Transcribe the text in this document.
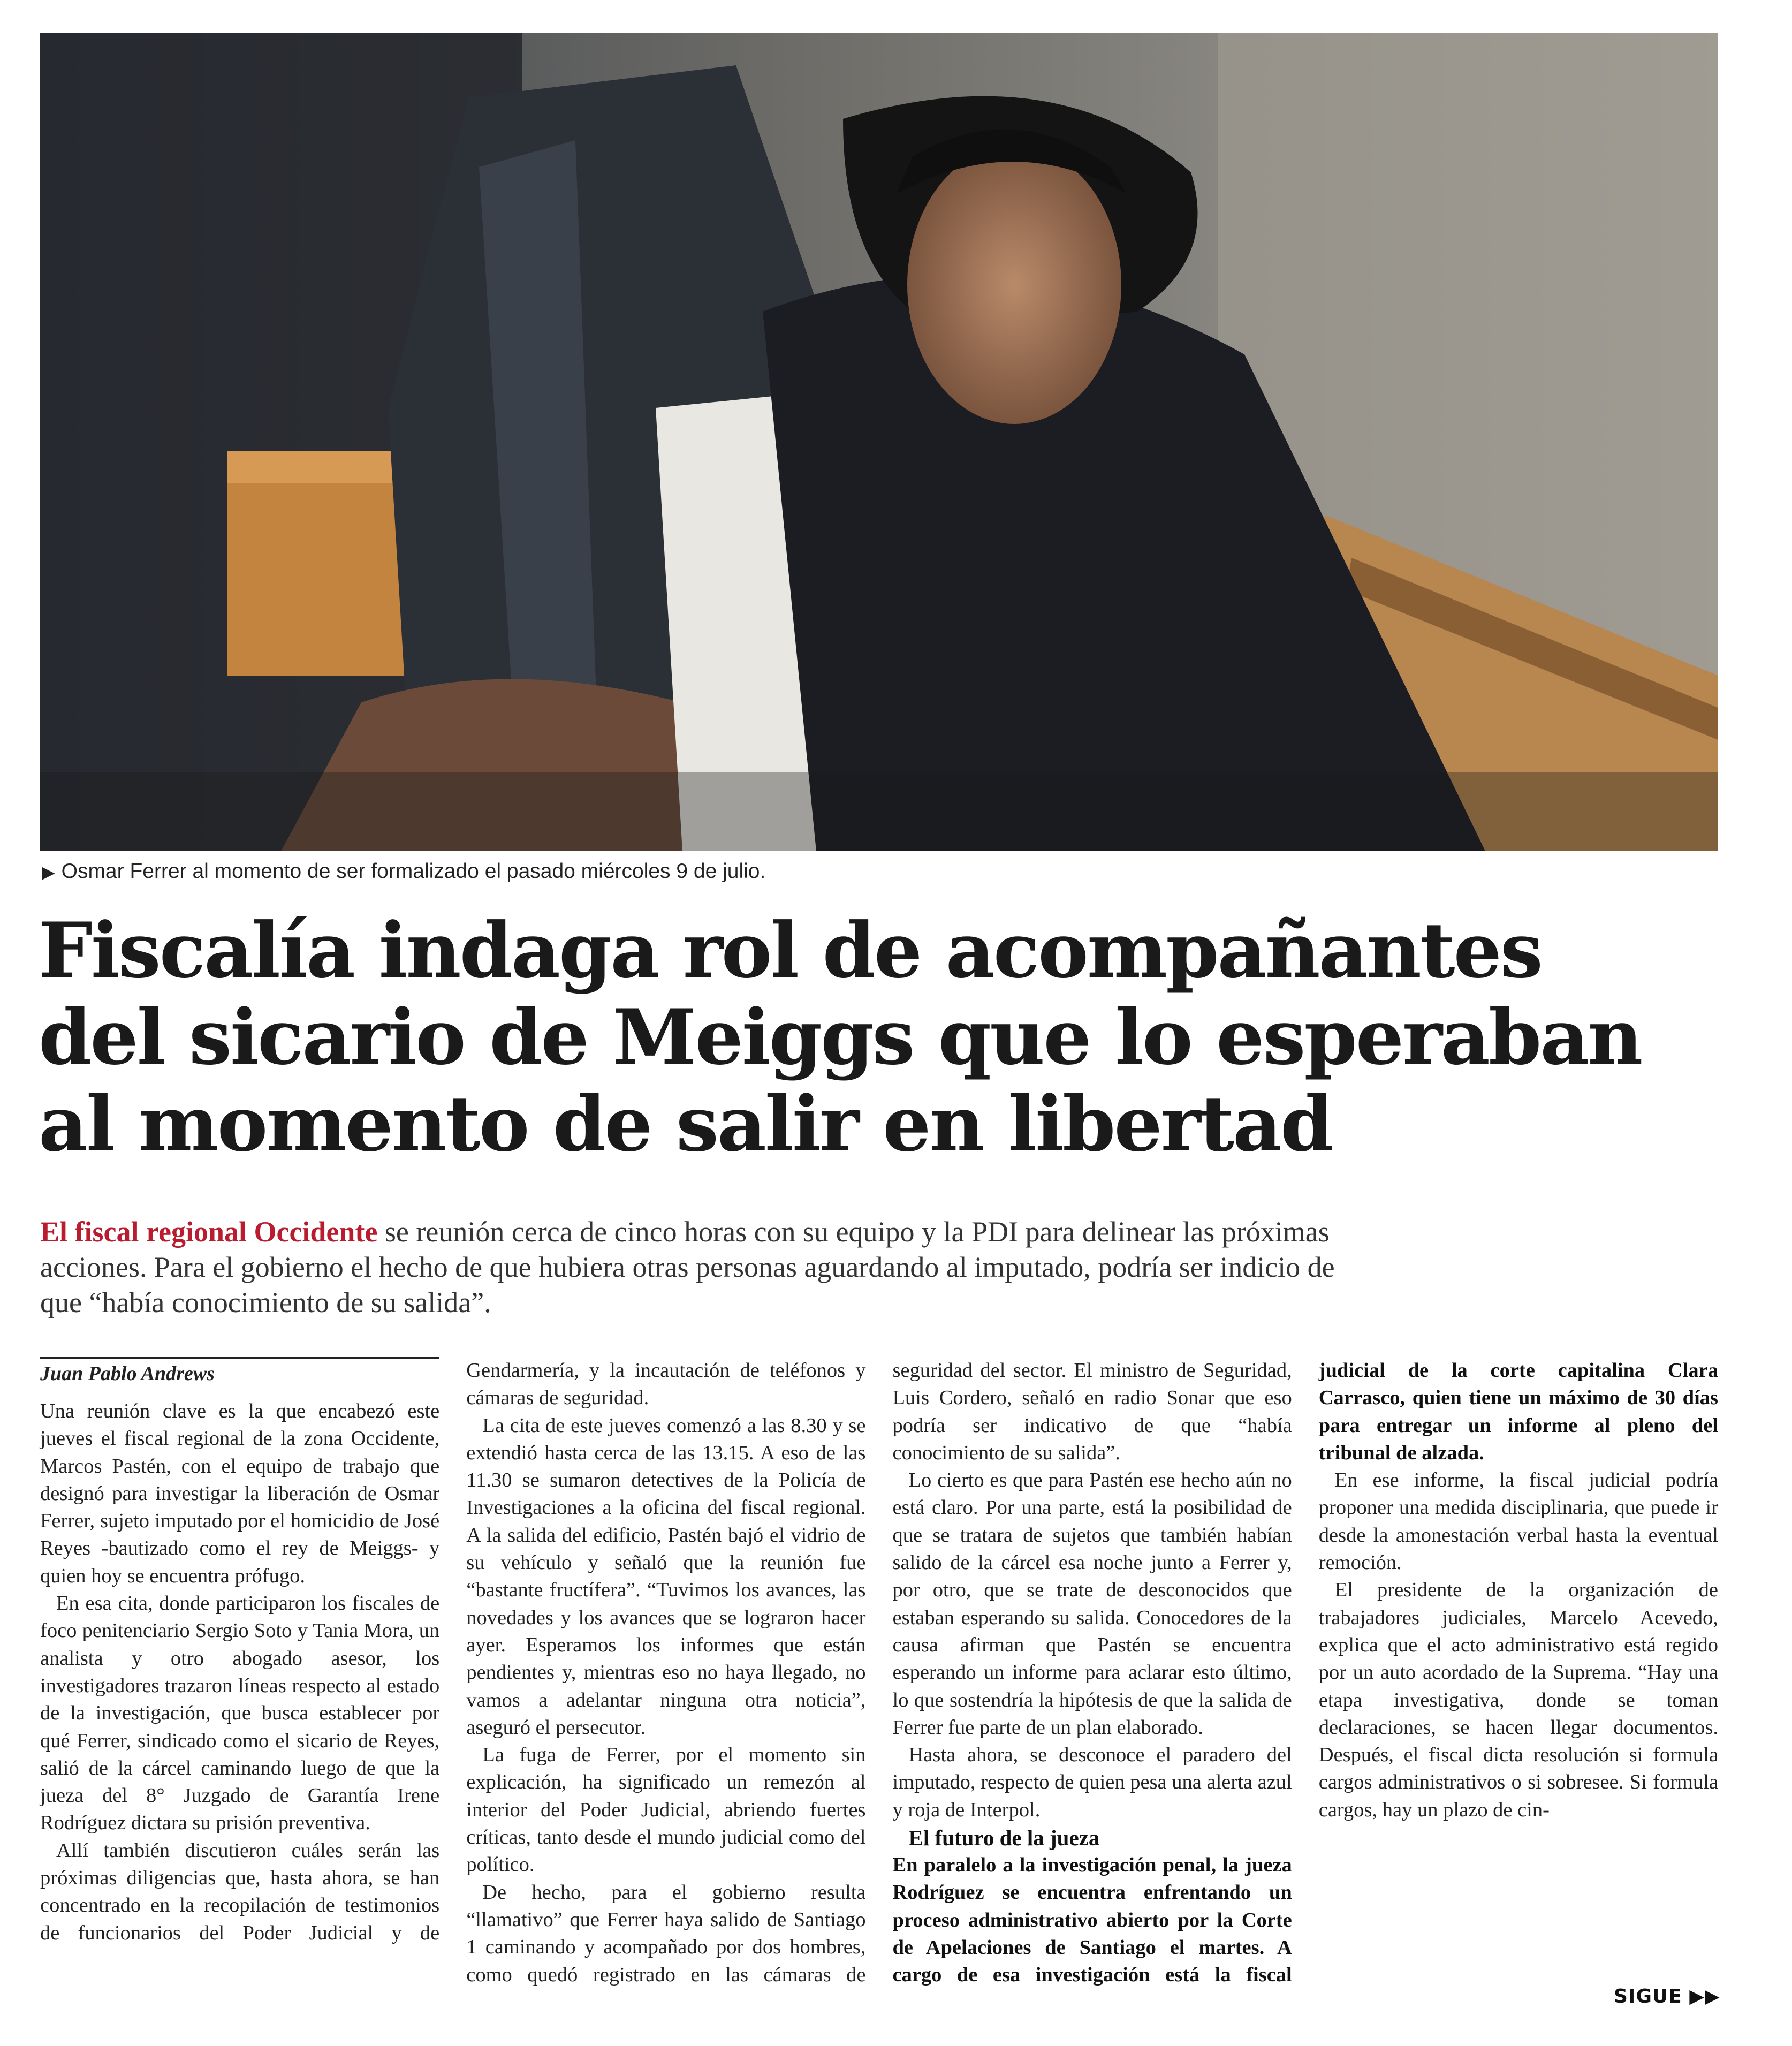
▶ Osmar Ferrer al momento de ser formalizado el pasado miércoles 9 de julio.
Fiscalía indaga rol de acompañantes
del sicario de Meiggs que lo esperaban
al momento de salir en libertad
El fiscal regional Occidente se reunión cerca de cinco horas con su equipo y la PDI para delinear las próximas acciones. Para el gobierno el hecho de que hubiera otras personas aguardando al imputado, podría ser indicio de que “había conocimiento de su salida”.
Juan Pablo Andrews

Una reunión clave es la que encabezó este jueves el fiscal regional de la zona Occidente, Marcos Pastén, con el equipo de trabajo que designó para investigar la liberación de Osmar Ferrer, sujeto imputado por el homicidio de José Reyes -bautizado como el rey de Meiggs- y quien hoy se encuentra prófugo.

En esa cita, donde participaron los fiscales de foco penitenciario Sergio Soto y Tania Mora, un analista y otro abogado asesor, los investigadores trazaron líneas respecto al estado de la investigación, que busca establecer por qué Ferrer, sindicado como el sicario de Reyes, salió de la cárcel caminando luego de que la jueza del 8° Juzgado de Garantía Irene Rodríguez dictara su prisión preventiva.

Allí también discutieron cuáles serán las próximas diligencias que, hasta ahora, se han concentrado en la recopilación de testimonios de funcionarios del Poder Judicial y de Gendarmería, y la incautación de teléfonos y cámaras de seguridad.

La cita de este jueves comenzó a las 8.30 y se extendió hasta cerca de las 13.15. A eso de las 11.30 se sumaron detectives de la Policía de Investigaciones a la oficina del fiscal regional. A la salida del edificio, Pastén bajó el vidrio de su vehículo y señaló que la reunión fue “bastante fructífera”. “Tuvimos los avances, las novedades y los avances que se lograron hacer ayer. Esperamos los informes que están pendientes y, mientras eso no haya llegado, no vamos a adelantar ninguna otra noticia”, aseguró el persecutor.

La fuga de Ferrer, por el momento sin explicación, ha significado un remezón al interior del Poder Judicial, abriendo fuertes críticas, tanto desde el mundo judicial como del político.

De hecho, para el gobierno resulta “llamativo” que Ferrer haya salido de Santiago 1 caminando y acompañado por dos hombres, como quedó registrado en las cámaras de seguridad del sector. El ministro de Seguridad, Luis Cordero, señaló en radio Sonar que eso podría ser indicativo de que “había conocimiento de su salida”.

Lo cierto es que para Pastén ese hecho aún no está claro. Por una parte, está la posibilidad de que se tratara de sujetos que también habían salido de la cárcel esa noche junto a Ferrer y, por otro, que se trate de desconocidos que estaban esperando su salida. Conocedores de la causa afirman que Pastén se encuentra esperando un informe para aclarar esto último, lo que sostendría la hipótesis de que la salida de Ferrer fue parte de un plan elaborado.

Hasta ahora, se desconoce el paradero del imputado, respecto de quien pesa una alerta azul y roja de Interpol.

El futuro de la jueza

En paralelo a la investigación penal, la jueza Rodríguez se encuentra enfrentando un proceso administrativo abierto por la Corte de Apelaciones de Santiago el martes. A cargo de esa investigación está la fiscal judicial de la corte capitalina Clara Carrasco, quien tiene un máximo de 30 días para entregar un informe al pleno del tribunal de alzada.

En ese informe, la fiscal judicial podría proponer una medida disciplinaria, que puede ir desde la amonestación verbal hasta la eventual remoción.

El presidente de la organización de trabajadores judiciales, Marcelo Acevedo, explica que el acto administrativo está regido por un auto acordado de la Suprema. “Hay una etapa investigativa, donde se toman declaraciones, se hacen llegar documentos. Después, el fiscal dicta resolución si formula cargos administrativos o si sobresee. Si formula cargos, hay un plazo de cin-

SIGUE ▶▶
